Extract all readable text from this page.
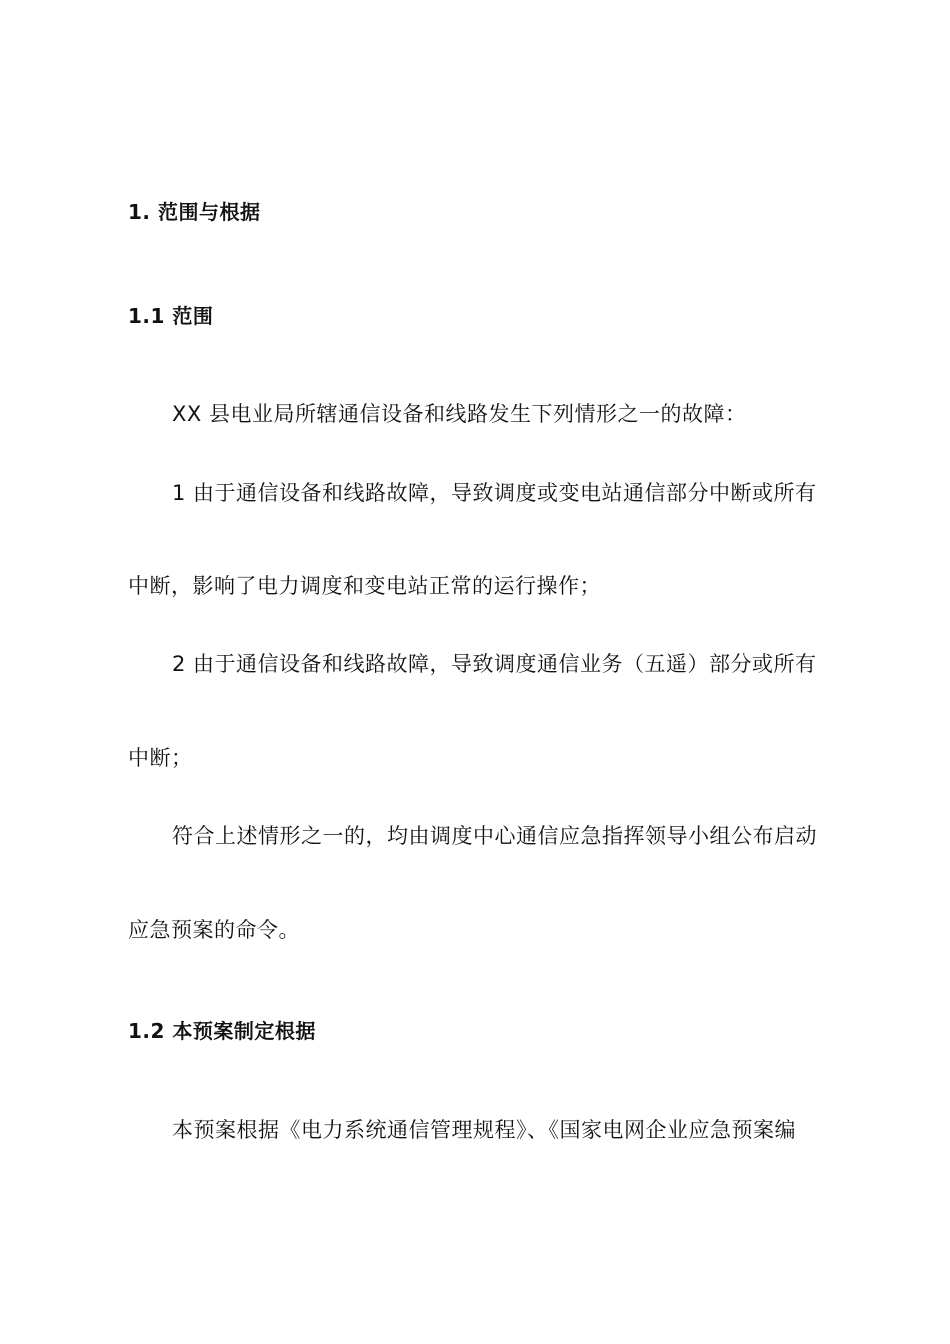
1. 范围与根据
1.1 范围
XX 县电业局所辖通信设备和线路发生下列情形之一的故障：
1 由于通信设备和线路故障，导致调度或变电站通信部分中断或所有
中断，影响了电力调度和变电站正常的运行操作；
2 由于通信设备和线路故障，导致调度通信业务（五遥）部分或所有
中断；
符合上述情形之一的，均由调度中心通信应急指挥领导小组公布启动
应急预案的命令。
1.2 本预案制定根据
本预案根据《电力系统通信管理规程》、《国家电网企业应急预案编
